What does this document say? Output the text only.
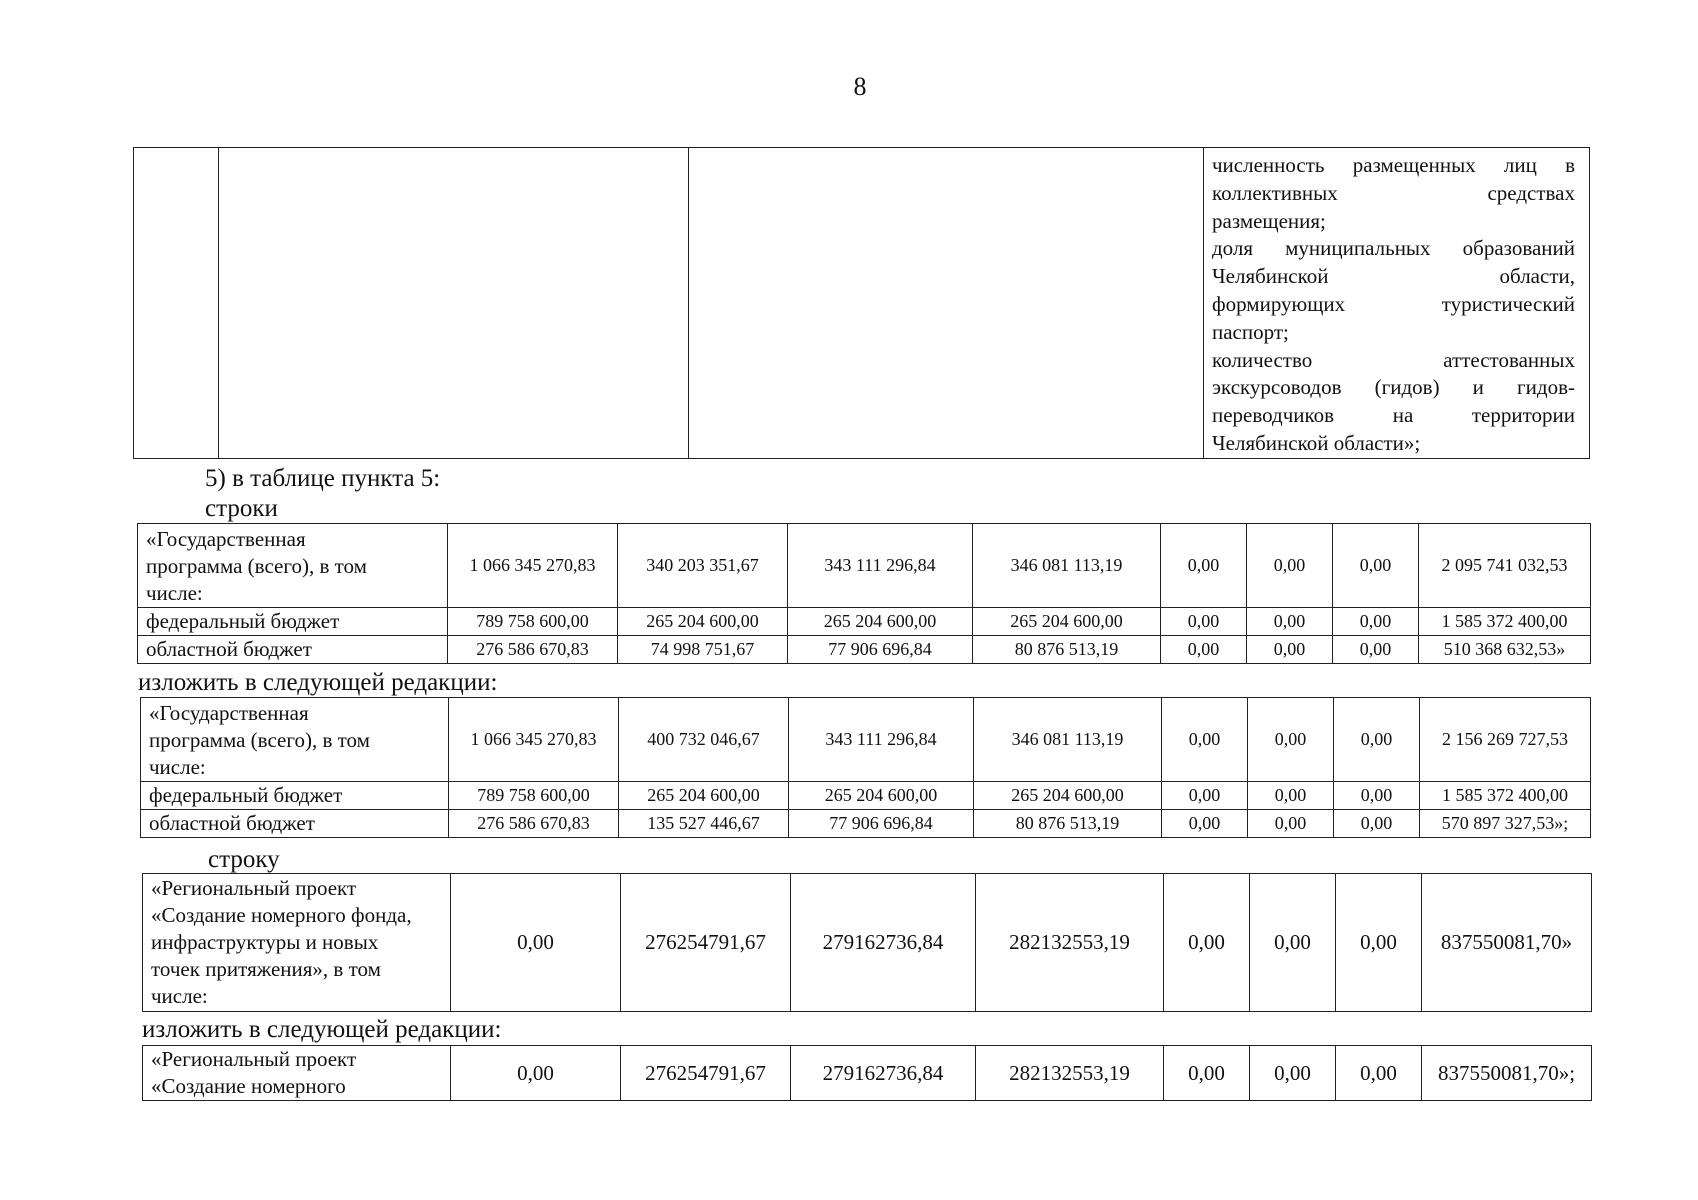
8

численность размещенных лиц в
коллективных средствах
размещения;
доля муниципальных образований
Челябинской области,
формирующих туристический
паспорт;
количество аттестованных
экскурсоводов (гидов) и гидов-
переводчиков на территории
Челябинской области»;
5) в таблице пункта 5:
строки
«Государственная программа (всего), в том числе:	1 066 345 270,83	340 203 351,67	343 111 296,84	346 081 113,19	0,00	0,00	0,00	2 095 741 032,53
федеральный бюджет	789 758 600,00	265 204 600,00	265 204 600,00	265 204 600,00	0,00	0,00	0,00	1 585 372 400,00
областной бюджет	276 586 670,83	74 998 751,67	77 906 696,84	80 876 513,19	0,00	0,00	0,00	510 368 632,53»
изложить в следующей редакции:
«Государственная программа (всего), в том числе:	1 066 345 270,83	400 732 046,67	343 111 296,84	346 081 113,19	0,00	0,00	0,00	2 156 269 727,53
федеральный бюджет	789 758 600,00	265 204 600,00	265 204 600,00	265 204 600,00	0,00	0,00	0,00	1 585 372 400,00
областной бюджет	276 586 670,83	135 527 446,67	77 906 696,84	80 876 513,19	0,00	0,00	0,00	570 897 327,53»;
строку
«Региональный проект «Создание номерного фонда, инфраструктуры и новых точек притяжения», в том числе:	0,00	276254791,67	279162736,84	282132553,19	0,00	0,00	0,00	837550081,70»
изложить в следующей редакции:
«Региональный проект «Создание номерного	0,00	276254791,67	279162736,84	282132553,19	0,00	0,00	0,00	837550081,70»;
